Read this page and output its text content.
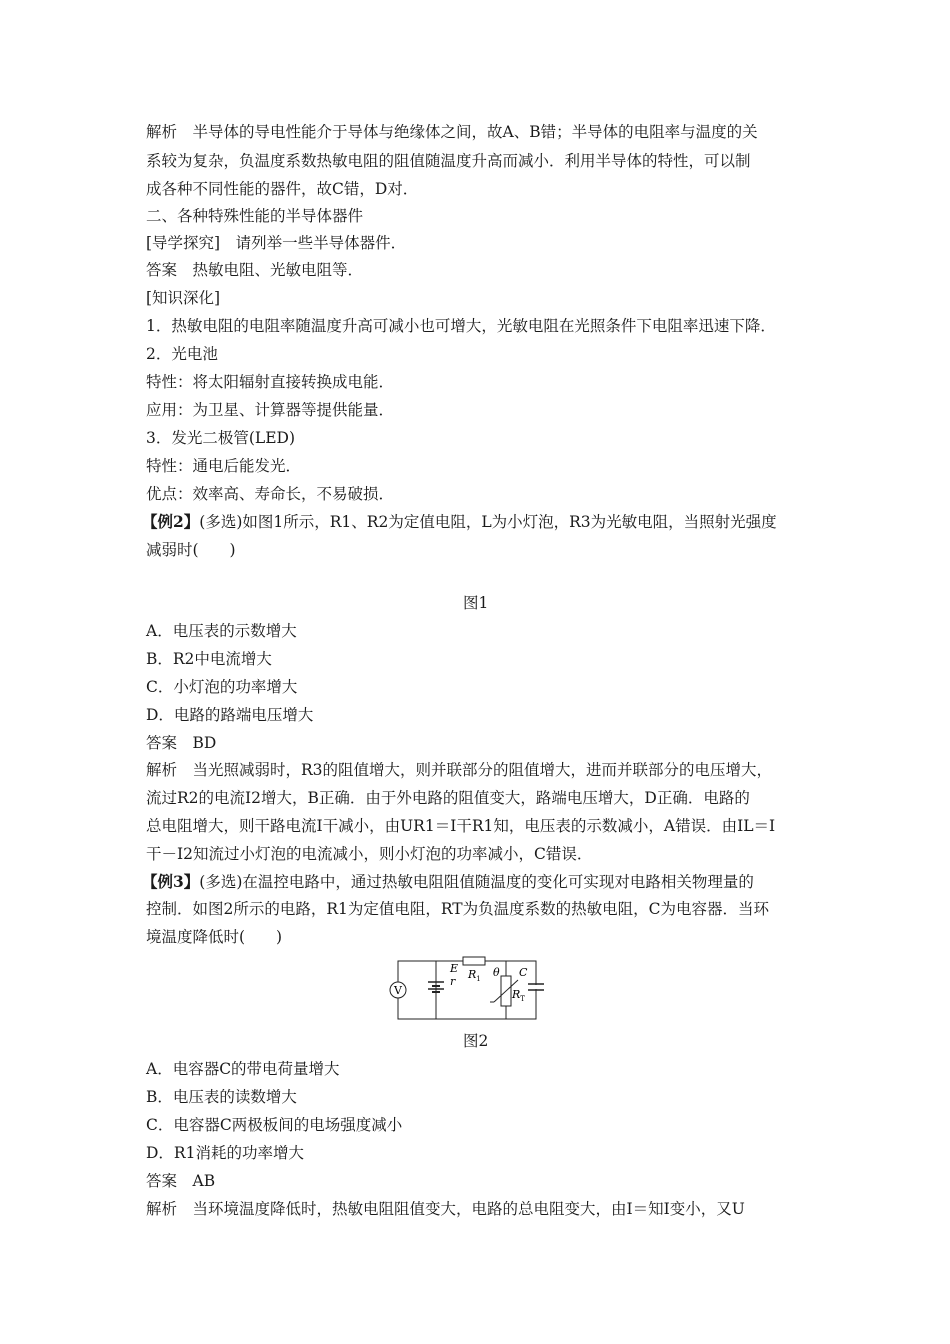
解析　半导体的导电性能介于导体与绝缘体之间，故A、B错；半导体的电阻率与温度的关
系较为复杂，负温度系数热敏电阻的阻值随温度升高而减小．利用半导体的特性，可以制
成各种不同性能的器件，故C错，D对．
二、各种特殊性能的半导体器件
[导学探究]　请列举一些半导体器件．
答案　热敏电阻、光敏电阻等．
[知识深化]
1．热敏电阻的电阻率随温度升高可减小也可增大，光敏电阻在光照条件下电阻率迅速下降．
2．光电池
特性：将太阳辐射直接转换成电能．
应用：为卫星、计算器等提供能量．
3．发光二极管(LED)
特性：通电后能发光．
优点：效率高、寿命长，不易破损．
【例2】(多选)如图1所示，R1、R2为定值电阻，L为小灯泡，R3为光敏电阻，当照射光强度
减弱时(　　)
图1
A．电压表的示数增大
B．R2中电流增大
C．小灯泡的功率增大
D．电路的路端电压增大
答案　BD
解析　当光照减弱时，R3的阻值增大，则并联部分的阻值增大，进而并联部分的电压增大，
流过R2的电流I2增大，B正确．由于外电路的阻值变大，路端电压增大，D正确．电路的
总电阻增大，则干路电流I干减小，由UR1＝I干R1知，电压表的示数减小，A错误．由IL＝I
干－I2知流过小灯泡的电流减小，则小灯泡的功率减小，C错误．
【例3】(多选)在温控电路中，通过热敏电阻阻值随温度的变化可实现对电路相关物理量的
控制．如图2所示的电路，R1为定值电阻，RT为负温度系数的热敏电阻，C为电容器．当环
境温度降低时(　　)
图2
A．电容器C的带电荷量增大
B．电压表的读数增大
C．电容器C两极板间的电场强度减小
D．R1消耗的功率增大
答案　AB
解析　当环境温度降低时，热敏电阻阻值变大，电路的总电阻变大，由I＝知I变小，又U
V
E
r
$R_1$ θ
$R_T$
C
